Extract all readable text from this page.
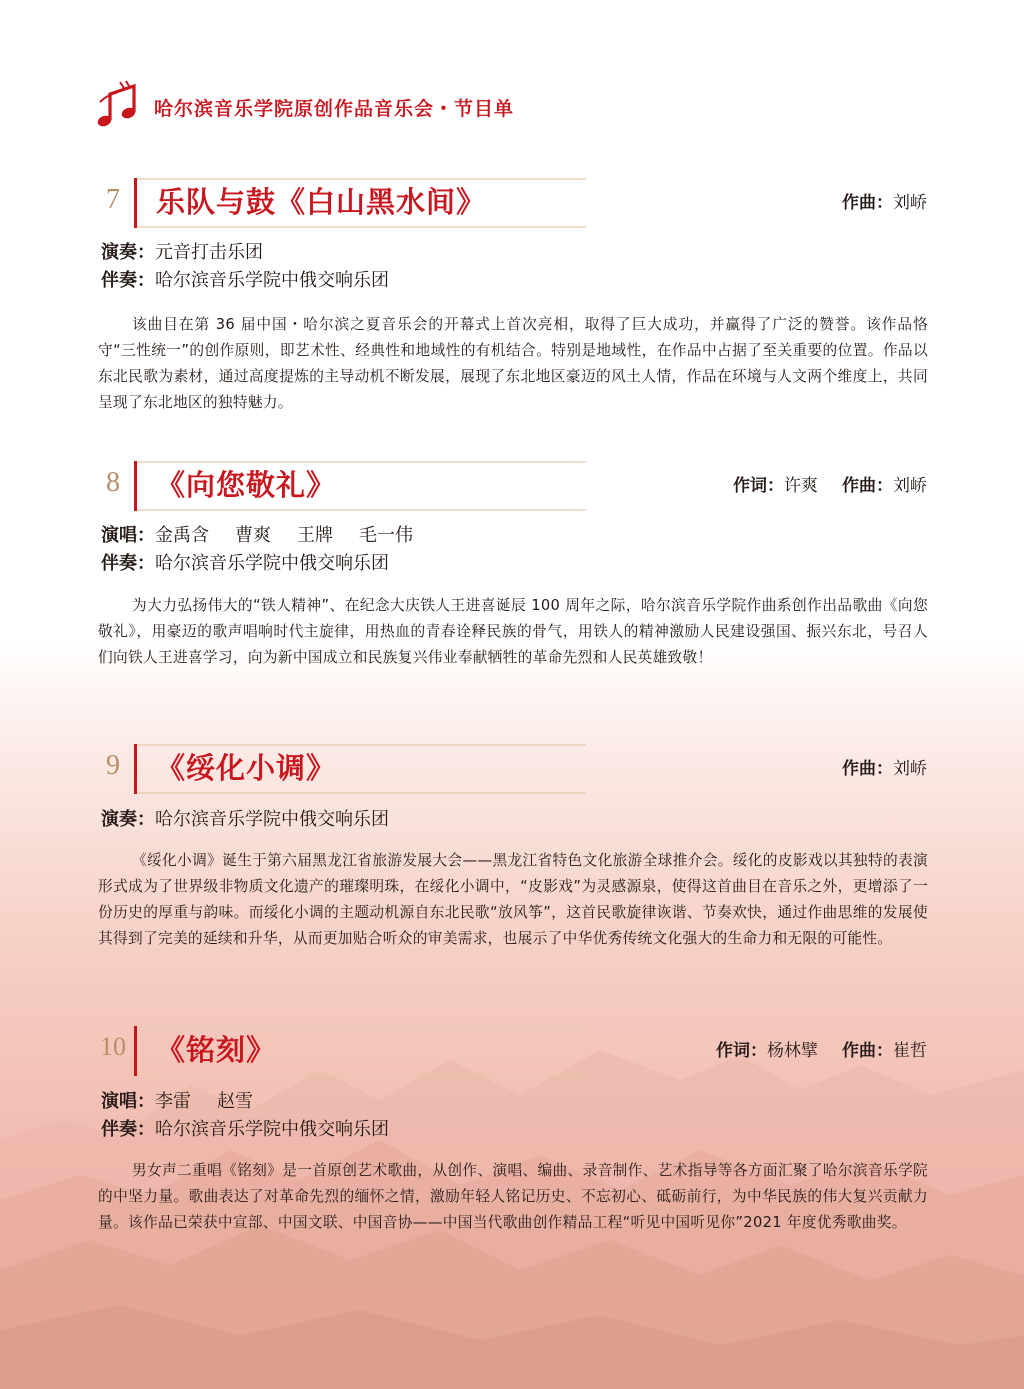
哈尔滨音乐学院原创作品音乐会・节目单
7 乐队与鼓《白山黑水间》	作曲：刘峤
演奏：元音打击乐团
伴奏：哈尔滨音乐学院中俄交响乐团
该曲目在第 36 届中国・哈尔滨之夏音乐会的开幕式上首次亮相，取得了巨大成功，并赢得了广泛的赞誉。该作品恪守“三性统一”的创作原则，即艺术性、经典性和地域性的有机结合。特别是地域性，在作品中占据了至关重要的位置。作品以东北民歌为素材，通过高度提炼的主导动机不断发展，展现了东北地区豪迈的风土人情，作品在环境与人文两个维度上，共同呈现了东北地区的独特魅力。
8 《向您敬礼》	作词：许爽 作曲：刘峤
演唱：金禹含 曹爽 王牌 毛一伟
伴奏：哈尔滨音乐学院中俄交响乐团
为大力弘扬伟大的“铁人精神”、在纪念大庆铁人王进喜诞辰 100 周年之际，哈尔滨音乐学院作曲系创作出品歌曲《向您敬礼》，用豪迈的歌声唱响时代主旋律，用热血的青春诠释民族的骨气，用铁人的精神激励人民建设强国、振兴东北，号召人们向铁人王进喜学习，向为新中国成立和民族复兴伟业奉献牺牲的革命先烈和人民英雄致敬！
9 《绥化小调》	作曲：刘峤
演奏：哈尔滨音乐学院中俄交响乐团
《绥化小调》诞生于第六届黑龙江省旅游发展大会——黑龙江省特色文化旅游全球推介会。绥化的皮影戏以其独特的表演形式成为了世界级非物质文化遗产的璀璨明珠，在绥化小调中，“皮影戏”为灵感源泉，使得这首曲目在音乐之外，更增添了一份历史的厚重与韵味。而绥化小调的主题动机源自东北民歌“放风筝”，这首民歌旋律诙谐、节奏欢快，通过作曲思维的发展使其得到了完美的延续和升华，从而更加贴合听众的审美需求，也展示了中华优秀传统文化强大的生命力和无限的可能性。
10 《铭刻》	作词：杨林擘 作曲：崔哲
演唱：李雷 赵雪
伴奏：哈尔滨音乐学院中俄交响乐团
男女声二重唱《铭刻》是一首原创艺术歌曲，从创作、演唱、编曲、录音制作、艺术指导等各方面汇聚了哈尔滨音乐学院的中坚力量。歌曲表达了对革命先烈的缅怀之情，激励年轻人铭记历史、不忘初心、砥砺前行，为中华民族的伟大复兴贡献力量。该作品已荣获中宣部、中国文联、中国音协——中国当代歌曲创作精品工程“听见中国听见你”2021 年度优秀歌曲奖。
